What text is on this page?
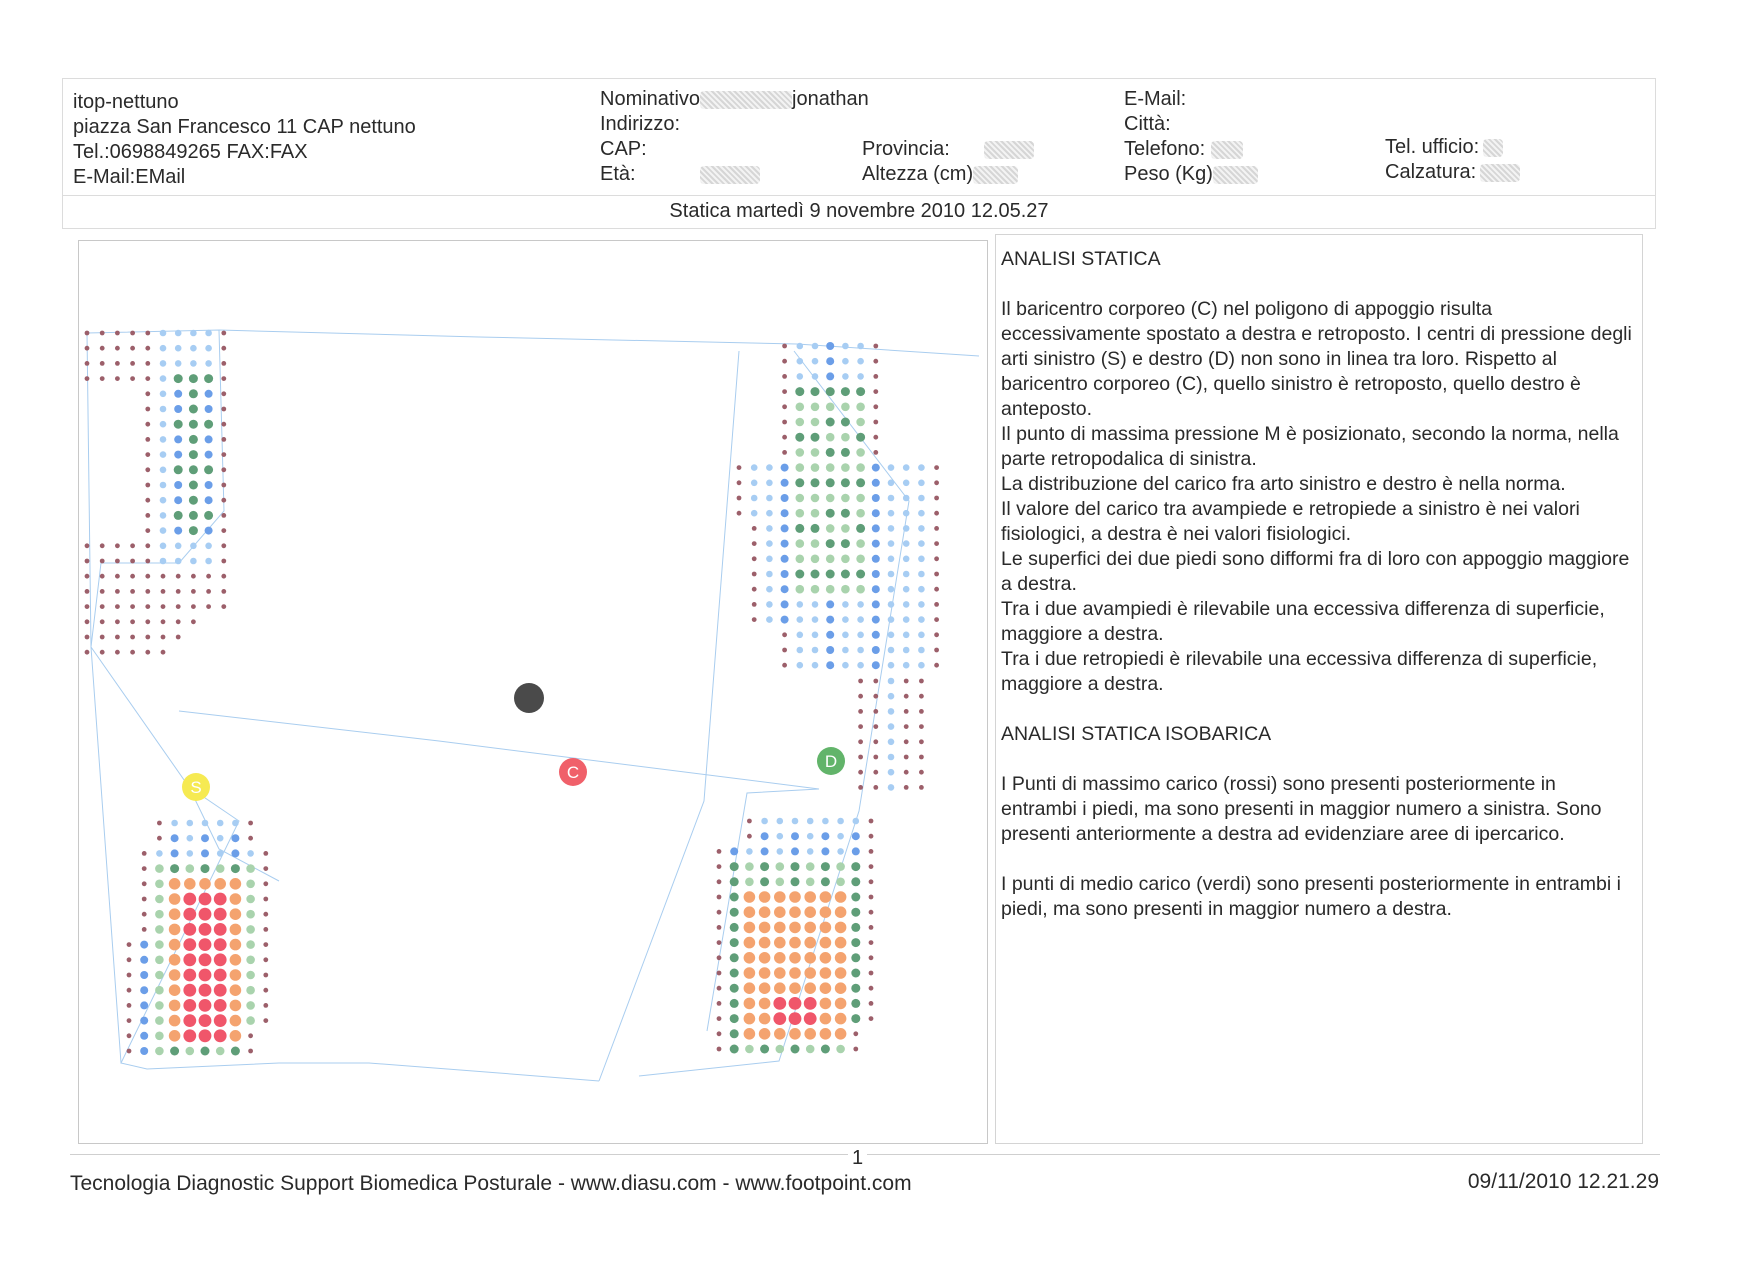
itop-nettuno
piazza San Francesco 11 CAP nettuno
Tel.:0698849265 FAX:FAX
E-Mail:EMail
Nominativo	jonathan
Indirizzo:
CAP:
Età:
Provincia:
Altezza (cm)
E-Mail:
Città:
Telefono:
Peso (Kg)
Tel. ufficio:
Calzatura:
Statica martedì 9 novembre 2010 12.05.27
S
C
D

ANALISI STATICA

Il baricentro corporeo (C) nel poligono di appoggio risulta eccessivamente spostato a destra e retroposto. I centri di pressione degli arti sinistro (S) e destro (D) non sono in linea tra loro. Rispetto al baricentro corporeo (C), quello sinistro è retroposto, quello destro è anteposto.

Il punto di massima pressione M è posizionato, secondo la norma, nella parte retropodalica di sinistra.

La distribuzione del carico fra arto sinistro e destro è nella norma.

Il valore del carico tra avampiede e retropiede a sinistro è nei valori fisiologici, a destra è nei valori fisiologici.

Le superfici dei due piedi sono difformi fra di loro con appoggio maggiore a destra.

Tra i due avampiedi è rilevabile una eccessiva differenza di superficie, maggiore a destra.

Tra i due retropiedi è rilevabile una eccessiva differenza di superficie, maggiore a destra.

ANALISI STATICA ISOBARICA

I Punti di massimo carico (rossi) sono presenti posteriormente in entrambi i piedi, ma sono presenti in maggior numero a sinistra. Sono presenti anteriormente a destra ad evidenziare aree di ipercarico.

I punti di medio carico (verdi) sono presenti posteriormente in entrambi i piedi, ma sono presenti in maggior numero a destra.

1
Tecnologia Diagnostic Support Biomedica Posturale - www.diasu.com - www.footpoint.com	09/11/2010 12.21.29
